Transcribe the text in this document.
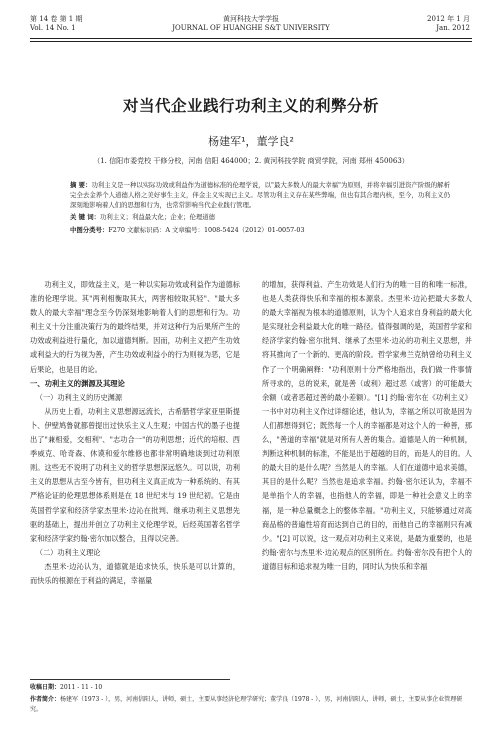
第 14 卷 第 1 期
Vol. 14 No. 1
黄河科技大学学报
JOURNAL OF HUANGHE S&T UNIVERSITY
2012 年 1 月
Jan. 2012
对当代企业践行功利主义的利弊分析
杨建军¹，董学良²
（1. 信阳市委党校 干修分校，河南 信阳 464000；2. 黄河科技学院 商贸学院，河南 郑州 450063）
摘 要：功利主义是一种以实际功效或利益作为道德标准的伦理学说，以"最大多数人的最大幸福"为原则，并将幸福引进资产阶级的解析完全去金养个人道德人格之美好事生主义，伴金主义实现已主义。尽管功利主义存在某些弊端，但也有其合理内核，至今，功利主义仍深刻地影响着人们的思想和行为，也常常影响当代企业践行管理。
关 键 词：功利主义；利益最大化；企业；伦理道德
中图分类号：F270 文献标识码：A 文章编号：1008-5424（2012）01-0057-03

功利主义，即效益主义，是一种以实际功效或利益作为道德标准的伦理学说。其"两利相衡取其大，两害相较取其轻"、"最大多数人的最大幸福"理念至今仍深刻地影响着人们的思想和行为。功利主义十分注重决策行为的最终结果，并对这种行为后果所产生的功效或利益进行量化，加以道德判断。因而，功利主义把产生功效或利益大的行为视为善，产生功效或利益小的行为则视为恶，它是后果论，也是目的论。

一、功利主义的渊源及其理论

（一）功利主义的历史渊源

从历史上看，功利主义思想源远流长，古希腊哲学家亚里斯提卜、伊壁鸠鲁就都曾提出过快乐主义人生观；中国古代的墨子也提出了"兼相爱，交相利"、"志功合一"的功利思想；近代的培根、西季威克、哈奇森、休谟和爱尔维修也都非常明确地谈到过功利原则。这些无不说明了功利主义的哲学思想深远悠久。可以说，功利主义的思想从古至今皆有，但功利主义真正成为一种系统的、有其严格论证的伦理思想体系则是在 18 世纪末与 19 世纪初。它是由英国哲学家和经济学家杰里米·边沁在批判、继承功利主义思想先驱的基础上，提出并创立了功利主义伦理学说，后经英国著名哲学家和经济学家约翰·密尔加以整合，且得以完善。

（二）功利主义理论

杰里米·边沁认为，道德就是追求快乐，快乐是可以计算的，而快乐的根源在于利益的满足，幸福量

的增加，获得利益、产生功效是人们行为的唯一目的和唯一标准，也是人类获得快乐和幸福的根本源泉。杰里米·边沁把最大多数人的最大幸福视为根本的道德原则，认为个人追求自身利益的最大化是实现社会利益最大化的唯一路径。值得强调的是，英国哲学家和经济学家约翰·密尔批判、继承了杰里米·边沁的功利主义思想，并将其推向了一个新的、更高的阶段。哲学家弗兰克纳曾给功利主义作了一个明确阐释："功利原则十分严格地指出，我们做一件事情所寻求的，总的说来，就是善（或利）超过恶（或害）的可能最大余额（或者恶超过善的最小差额）。"[1] 约翰·密尔在《功利主义》一书中对功利主义作过详细论述，他认为，幸福之所以可欲是因为人们都想得到它；既然每一个人的幸福都是对这个人的一种善，那么，"善道的幸福"就是对所有人善的集合。道德是人的一种机制，判断这种机制的标准，不能是出于超越的目的，而是人的目的。人的最大目的是什么呢？当然是人的幸福。人们在道德中追求美德，其目的是什么呢？当然也是追求幸福。约翰·密尔还认为，幸福不是单指个人的幸福，也指他人的幸福，即是一种社会意义上的幸福，是一种总量概念上的整体幸福。"功利主义，只能够通过对高商品格的普遍性培育而达到自己的目的，而他自己的幸福则只有减少。"[2] 可以说，这一观点对功利主义来说，是最为重要的，也是约翰·密尔与杰里米·边沁观点的区别所在。约翰·密尔没有把个人的道德目标和追求视为唯一目的，同时认为快乐和幸福

收稿日期：2011 - 11 - 10
作者简介：杨建军（1973 - ），男，河南信阳人，讲师，硕士，主要从事经济伦理学研究；董学良（1978 - ），男，河南信阳人，讲师，硕士，主要从事企业管理研究。
